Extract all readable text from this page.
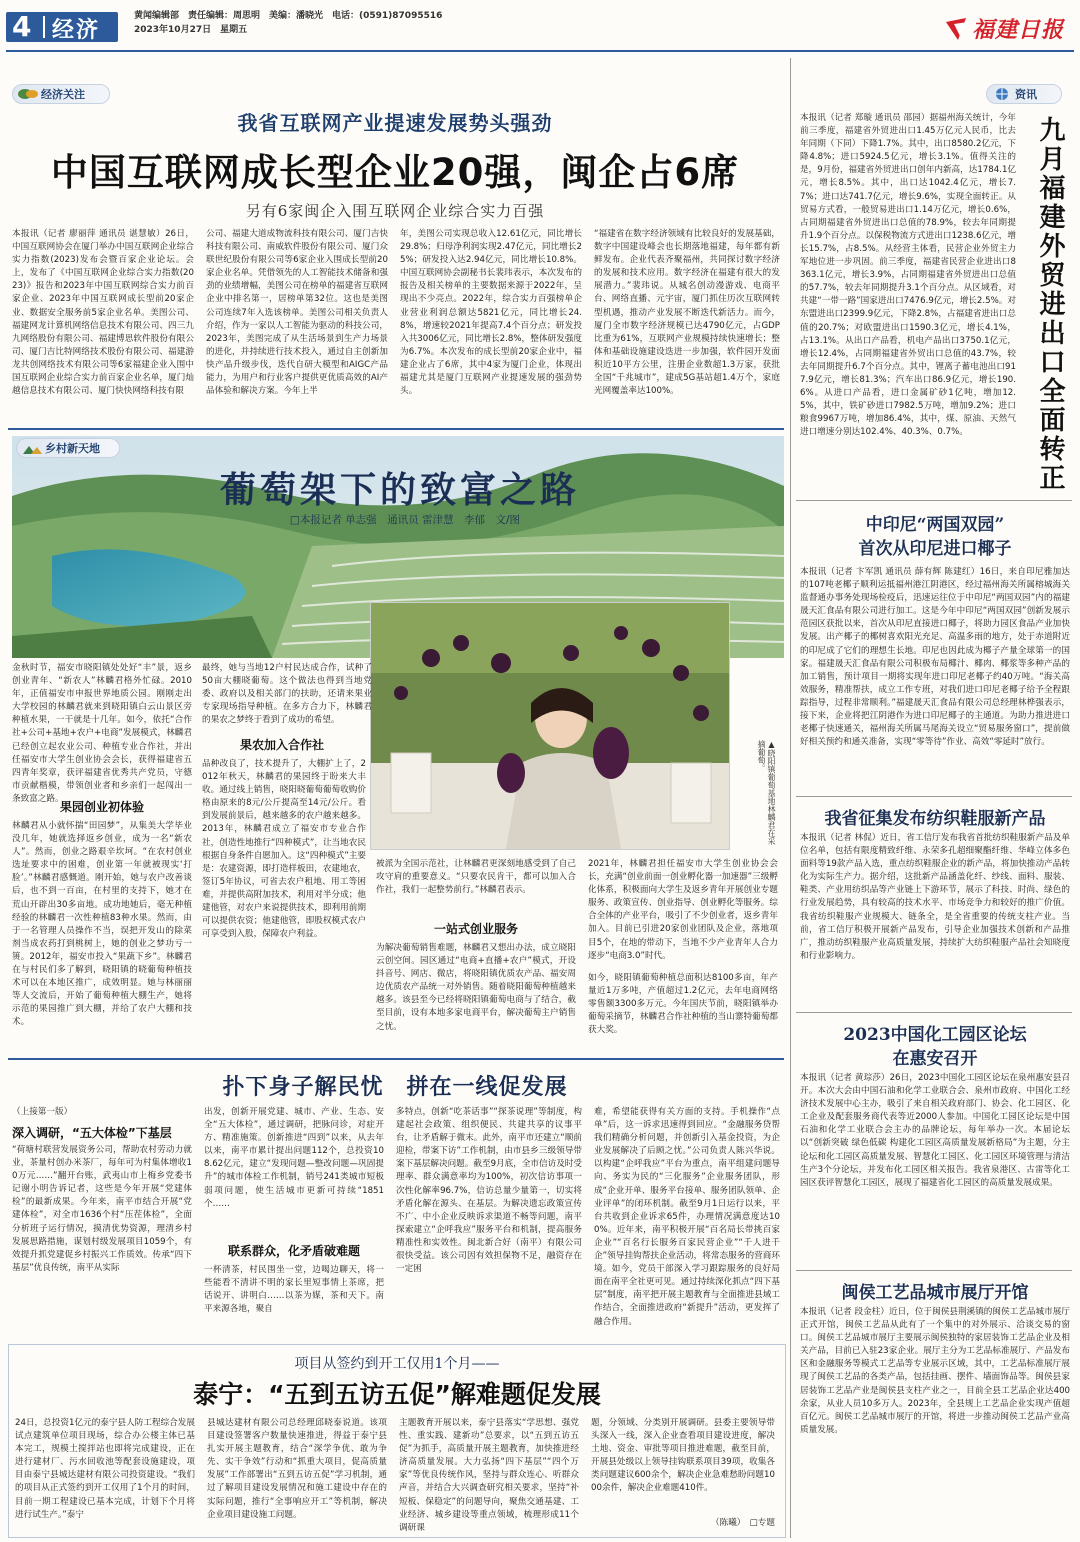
4 经济
黄闻编辑部　责任编辑：周思明　美编：潘晓光　电话：(0591)87095516
2023年10月27日　星期五	福建日报
经济关注
我省互联网产业提速发展势头强劲
中国互联网成长型企业20强，闽企占6席
另有6家闽企入围互联网企业综合实力百强
本报讯（记者 廖丽萍 通讯员 谌慧敏）26日，中国互联网协会在厦门举办中国互联网企业综合实力指数(2023)发布会暨百家企业论坛。会上，发布了《中国互联网企业综合实力指数(2023)》报告和2023年中国互联网综合实力前百家企业、2023年中国互联网成长型前20家企业、数据安全服务前5家企业名单。美图公司、福建网龙计算机网络信息技术有限公司、四三九九网络股份有限公司、福建博思软件股份有限公司、厦门吉比特网络技术股份有限公司、福建游龙共创网络技术有限公司等6家福建企业入围中国互联网企业综合实力前百家企业名单，厦门灿越信息技术有限公司、厦门快快网络科技有限
公司、福建大道成物流科技有限公司、厦门吉快科技有限公司、南威软件股份有限公司、厦门众联世纪股份有限公司等6家企业入围成长型前20家企业名单。凭借领先的人工智能技术储备和强劲的业绩增幅，美图公司在榜单的福建省互联网企业中排名第一，居榜单第32位。这也是美图公司连续7年入选该榜单。美图公司相关负责人介绍，作为一家以人工智能为驱动的科技公司，2023年，美图完成了从生活场景到生产力场景的进化，并持续进行技术投入，通过自主创新加快产品升级步伐，迭代自研大模型和AIGC产品能力，为用户和行业客户提供更优质高效的AI产品体验和解决方案。今年上半
年，美图公司实现总收入12.61亿元，同比增长29.8%；归母净利润实现2.47亿元，同比增长25%；研发投入达2.94亿元，同比增长10.8%。中国互联网协会副秘书长裴玮表示，本次发布的报告及相关榜单的主要数据来源于2022年，呈现出不少亮点。2022年，综合实力百强榜单企业营业利润总额达5821亿元，同比增长24.8%，增速较2021年提高7.4个百分点；研发投入共3006亿元，同比增长2.8%，整体研发强度为6.7%。本次发布的成长型前20家企业中，福建企业占了6席，其中4家为厦门企业，体现出福建尤其是厦门互联网产业提速发展的强劲势头。
“福建省在数字经济领域有比较良好的发展基础，数字中国建设峰会也长期落地福建，每年都有新鲜发布。企业代表齐聚福州，共同探讨数字经济的发展和技术应用。数字经济在福建有很大的发展潜力。”裴玮说。从城名创动漫游戏、电商平台、网络直播、元宇宙，厦门抓住历次互联网转型机遇，推动产业发展不断迭代新活力。而今，厦门全市数字经济规模已达4790亿元，占GDP比重为61%，互联网产业规模持续快速增长；整体和基础设施建设迭进一步加强，软件园开发面积近10平方公里，注册企业数超1.3万家，获批全国“千兆城市”，建成5G基站超1.4万个，家庭光网覆盖率达100%。
乡村新天地
葡萄架下的致富之路
□本报记者 单志强　通讯员 雷津慧　李郁　文/图
▲晓阳镇葡萄基地林麟君在采摘葡萄。
金秋时节，福安市晓阳镇处处好“丰”景，返乡创业青年、“新农人”林麟君格外忙碌。2010年，正值福安市申报世界地质公园。刚刚走出大学校园的林麟君就来到晓阳镇白云山景区旁种植水果，一干就是十几年。如今，依托“合作社+公司+基地+农户+电商”发展模式，林麟君已经创立起农业公司、种植专业合作社，并出任福安市大学生创业协会会长，获得福建省五四青年奖章，获评福建省优秀共产党员，守德市贡献楷模，带领创业者和乡亲们一起闯出一条致富之路。
果园创业初体验
林麟君从小就怀揣“田园梦”，从集美大学毕业没几年，她就选择返乡创业，成为一名“新农人”。然而，创业之路艰辛坎坷。“在农村创业选址要求中的困难，创业第一年就被现实‘打脸’。”林麟君感慨道。刚开始，她与农户改善谈后，也不到一百亩，在村里的支持下，她才在荒山开辟出30多亩地。成功地她后，毫无种植经验的林麟君一次性种植83种水果。然而，由于一名管理人员操作不当，误把开发山的除菜剂当成农药打到桃树上，她的创业之梦功亏一篑。2012年，福安市投入“果蔬下乡”。林麟君在与村民们多了解到，晓阳镇的晓葡萄种植技术可以在本地区推广，成效明显。她与林丽丽等人交流后，开始了葡萄种植大棚生产，她将示范的果园推广到大棚，并给了农户大棚和技术。
最终，她与当地12户村民达成合作，试种了50亩大棚晓葡萄。这个做法也得到当地党委、政府以及相关部门的扶助，还请来果业专家现场指导种植。在多方合力下，林麟君的果农之梦终于看到了成功的希望。
果农加入合作社
品种改良了，技术提升了，大棚扩上了，2012年秋天，林麟君的果园终于盼来大丰收。通过线上销售，晓阳晓葡萄葡萄收购价格由原来的8元/公斤提高至14元/公斤。看到发展前景后，越来越多的农户越来越多。2013年，林麟君成立了福安市专业合作社，创造性地推行“四种模式”，让当地农民根据自身条件自愿加入。这“四种模式”主要是：农建资源，即打造样板田，农建地农，签订5年协议，可省去农户租地、用工等困难，并提供高附加技术，利用对半分成；他建他管，对农户来说提供技术，即利用前期可以提供农资；他建他管，即股权模式农户可享受到入股，保障农户利益。
被派为全国示范社，让林麟君更深刻地感受到了自己攻守肩的重要意义。“只要农民肯干，都可以加入合作社，我们一起整势前行。”林麟君表示。
一站式创业服务
为解决葡萄销售难题，林麟君又想出办法，成立晓阳云创空间。园区通过“电商+直播+农户”模式，开设抖音号、网店、微店，将晓阳镇优质农产品、福安周边优质农产品统一对外销售。随着晓阳葡萄种植越来越多。该县至今已经将晓阳镇葡萄电商与了结合，截至目前，设有本地多家电商平台，解决葡萄主户销售之忧。
2021年，林麟君担任福安市大学生创业协会会长，充满“创业前面一创业孵化器一加速器”三级孵化体系，积极面向大学生及返乡青年开展创业专题服务、政策宣传、创业指导、创业孵化等服务。综合全体的产业平台，吸引了不少创业者，返乡青年加入。目前已引进20家创业团队及企业，落地项目5个，在地的带动下，当地不少产业青年人合力逐步“电商3.0”时代。
如今，晓阳镇葡萄种植总面积达8100多亩，年产量近1万多吨，产值超过1.2亿元，去年电商网络零售额3300多万元。今年国庆节前，晓阳镇举办葡萄采摘节，林麟君合作社种植的当山寨特葡萄都获大奖。
扑下身子解民忧　拼在一线促发展
（上接第一版）
深入调研，“五大体检”下基层
“荷塘村联营发展资务公司，帮助农村劳动力就业，茶量村创办米茶厂，每年可为村集体增收10万元……”翻开台账，武夷山市上梅乡党委书记谢小明告诉记者，这些是今年开展“党建体检”的最新成果。今年来，南平市结合开展“党建体检”，对全市1636个村“压茬体检”，全面分析班子运行情况，摸清优势资源，理清乡村发展思路措施，谋划村级发展项目1059个，有效提升抓党建促乡村振兴工作质效。传承“四下基层”优良传统，南平从实际
出发，创新开展党建、城市、产业、生态、安全“五大体检”，通过调研，把脉问诊，对症开方、精准施策。创新推进“四到”以来，从去年以来，南平市累计提出问题112个，总投资108.62亿元，建立“发现问题—整改问题—巩固提升”的城市体检工作机制，销号241类城市短板弱项问题，使生活城市更新可持续“1851个……
联系群众，化矛盾破难题
一杯清茶，村民围坐一堂，边喝边聊天，将一些能看不清讲不明的家长里短事情上茶席，把话说开、讲明白……以茶为媒，茶和天下。南平来源各地，聚自
多特点，创新“吃茶话事”“探茶说理”等制度，构建起社会政策、组织便民、共建共享的议事平台，让矛盾解于微末。此外，南平市还建立“顺前迎检，带案下访”工作机制，由市县乡三级领导带案下基层解决问题。截至9月底，全市信访及时受理率、群众满意率均为100%，初次信访事项一次性化解率96.7%，信访总量少量第一，切实将矛盾化解在源头、在基层。为解决遗忘政策宣传不广、中小企业反映诉求渠道不畅等问题，南平探索建立“企呼我应”服务平台和机制，提高服务精准性和实效性。闽北新合好（南平）有限公司很快受益。该公司因有效担保物不足，融资存在一定困
难，希望能获得有关方面的支持。手机操作“点单”后，这一诉求迅速得到回应。“金融服务贷帮我们精确分析问题，并创新引入基金投资，为企业发展解决了后顾之忧。”公司负责人陈兴华说。以构建“企呼我应”平台为重点，南平组建问题导向、务实为民的“三化服务”企业服务团队，形成“企业开单、服务平台接单、服务团队领单、企业评单”的闭环机制。截至9月1日运行以来，平台共收到企业诉求65件，办理情况满意度达100%。近年来，南平积极开展“百名局长带挑百家企业”“百名行长服务百家民营企业”“千人进千企”领导挂钩帮扶企业活动，将常态服务的营商环境。如今，党员干部深入学习跟踪服务的良好局面在南平全社更可见。通过持续深化抓点“四下基层”制度，南平把开展主题教育与全面推进县域工作结合，全面推进政府“新提升”活动，更发挥了融合作用。
项目从签约到开工仅用1个月——
泰宁：“五到五访五促”解难题促发展
24日，总投资1亿元的泰宁县人防工程综合发展试点建筑单位项目现场，综合办公楼主体已基本完工，规模土搅拌站也即将完成建设，正在进行建材厂、污水回收池等配套设施建设，项目由泰宁县城达建材有限公司投资建设。“我们的项目从正式签约到开工仅用了1个月的时间，目前一期工程建设已基本完成，计划下个月将进行试生产。”泰宁
县城达建材有限公司总经理邱晓泰说道。该项目建设签署客户数量快速推进，得益于泰宁县扎实开展主题教育，结合“深学争优、敢为争先、实干争效”行动和“抓重大项目，促高质量发展”工作部署出“五到五访五促”学习机制，通过了解项目建设发展情况和施工建设中存在的实际问题，推行“全事响应开工”等机制，解决企业项目建设施工问题。
主题教育开展以来，泰宁县落实“学思想、强党性、重实践、建新功”总要求，以“五到五访五促”为抓手，高质量开展主题教育，加快推进经济高质量发展。大力弘扬“四下基层”“四个万家”等优良传统作风，坚持与群众连心、听群众声音，并结合大兴调查研究相关要求，坚持“补短板、保稳定”的问题导向，聚焦交通基建、工业经济、城乡建设等重点领域，梳理形成11个调研课
题，分领域、分类别开展调研。县委主要领导带头深入一线，深入企业查看项目建设进度，解决土地、资金、审批等项目推进难题，截至目前，开展县处级以上领导挂钩联系项目39项，收集各类问题建议600余个，解决企业急难愁盼问题1000余件，解决企业难题410件。
（陈曦）　□专题
资讯
本报讯（记者 郑璇 通讯员 邵园）据福州海关统计，今年前三季度，福建省外贸进出口1.45万亿元人民币，比去年同期（下同）下降1.7%。其中，出口8580.2亿元，下降4.8%；进口5924.5亿元，增长3.1%。值得关注的是，9月份，福建省外贸进出口创年内新高，达1784.1亿元，增长8.5%。其中，出口达1042.4亿元，增长7.7%；进口达741.7亿元，增长9.6%，实现全面转正。从贸易方式看，一般贸易进出口1.14万亿元，增长0.6%，占同期福建省外贸进出口总值的78.9%，较去年同期提升1.9个百分点。以保税物流方式进出口1238.6亿元，增长15.7%，占8.5%。从经营主体看，民营企业外贸主力军地位进一步巩固。前三季度，福建省民营企业进出口8363.1亿元，增长3.9%，占同期福建省外贸进出口总值的57.7%，较去年同期提升3.1个百分点。从区域看，对共建“一带一路”国家进出口7476.9亿元，增长2.5%。对东盟进出口2399.9亿元，下降2.8%，占福建省进出口总值的20.7%；对欧盟进出口1590.3亿元，增长4.1%，占13.1%。从出口产品看，机电产品出口3750.1亿元，增长12.4%，占同期福建省外贸出口总值的43.7%，较去年同期提升6.7个百分点。其中，锂离子蓄电池出口917.9亿元，增长81.3%；汽车出口86.9亿元，增长190.6%。从进口产品看，进口金属矿砂1亿吨，增加12.5%，其中，铁矿砂进口7982.5万吨，增加9.2%；进口粮食9967万吨，增加86.4%，其中，煤、原油、天然气进口增速分别达102.4%、40.3%、0.7%。	九月福建外贸进出口全面转正
中印尼“两国双园”
首次从印尼进口椰子
本报讯（记者 卞军凯 通讯员 薛有辉 陈建红）16日，来自印尼雅加达的107吨老椰子顺利运抵福州港江阴港区，经过福州海关所属榕城海关监督通办事务处现场检疫后，迅速运往位于中印尼“两国双园”内的福建晟天汇食品有限公司进行加工。这是今年中印尼“两国双园”创新发展示范园区获批以来，首次从印尼直接进口椰子，将助力园区食品产业加快发展。出产椰子的椰树喜欢阳光充足、高温多雨的地方，处于赤道附近的印尼成了它们的理想生长地。印尼也因此成为椰子产量全球第一的国家。福建晟天汇食品有限公司积极布局椰汁、椰肉、椰浆等多种产品的加工销售，预计项目一期将实现年进口印尼老椰子约40万吨。“海关高效服务，精准帮扶，成立工作专班，对我们进口印尼老椰子给予全程跟踪指导，过程非常顺利。”福建晟天汇食品有限公司总经理林桦强表示，接下来，企业将把江阴港作为进口印尼椰子的主通道。为助力推进进口老椰子快速通关，福州海关所属马尾海关设立“贸易服务窗口”，提前做好相关预约和通关准备，实现“零等待”作业、高效“零延时”放行。
我省征集发布纺织鞋服新产品
本报讯（记者 林侃）近日，省工信厅发布我省首批纺织鞋服新产品及单位名单，包括有限度精致纤维、永荣多孔超细聚酯纤维、华峰立体多色面料等19款产品入选，重点纺织鞋服企业的新产品，将加快推动产品转化为实际生产力。据介绍，这批新产品涵盖化纤、纱线、面料、服装、鞋类、产业用纺织品等产业链上下游环节，展示了科技、时尚、绿色的行业发展趋势，具有较高的技术水平、市场竞争力和较好的推广价值。我省纺织鞋服产业规模大、链条全，是全省重要的传统支柱产业。当前，省工信厅积极开展新产品发布，引导企业加强技术创新和产品推广，推动纺织鞋服产业高质量发展，持续扩大纺织鞋服产品社会知晓度和行业影响力。
2023中国化工园区论坛
在惠安召开
本报讯（记者 黄琮莎）26日，2023中国化工园区论坛在泉州惠安县召开。本次大会由中国石油和化学工业联合会、泉州市政府、中国化工经济技术发展中心主办，吸引了来自相关政府部门、协会、化工园区、化工企业及配套服务商代表等近2000人参加。中国化工园区论坛是中国石油和化学工业联合会主办的品牌论坛，每年举办一次。本届论坛以“创新突破 绿色低碳 构建化工园区高质量发展新格局”为主题，分主论坛和化工园区高质量发展、智慧化工园区、化工园区环境管理与清洁生产3个分论坛，并发布化工园区相关报告。我省泉港区、古雷等化工园区获评智慧化工园区，展现了福建省化工园区的高质量发展成果。
闽侯工艺品城市展厅开馆
本报讯（记者 段金柱）近日，位于闽侯县荆溪镇的闽侯工艺品城市展厅正式开馆，闽侯工艺品从此有了一个集中的对外展示、洽谈交易的窗口。闽侯工艺品城市展厅主要展示闽侯独特的家居装饰工艺品企业及相关产品，目前已入驻23家企业。展厅主分为工艺品标准展厅、产品发布区和金融服务等模式工艺品等专业展示区域，其中，工艺品标准展厅展现了闽侯工艺品的各类产品，包括挂画、摆件、墙面饰品等。闽侯县家居装饰工艺品产业是闽侯县支柱产业之一，目前全县工艺品企业达400余家，从业人员10多万人。2023年，全县规上工艺品企业实现产值超百亿元。闽侯工艺品城市展厅的开馆，将进一步推动闽侯工艺品产业高质量发展。
